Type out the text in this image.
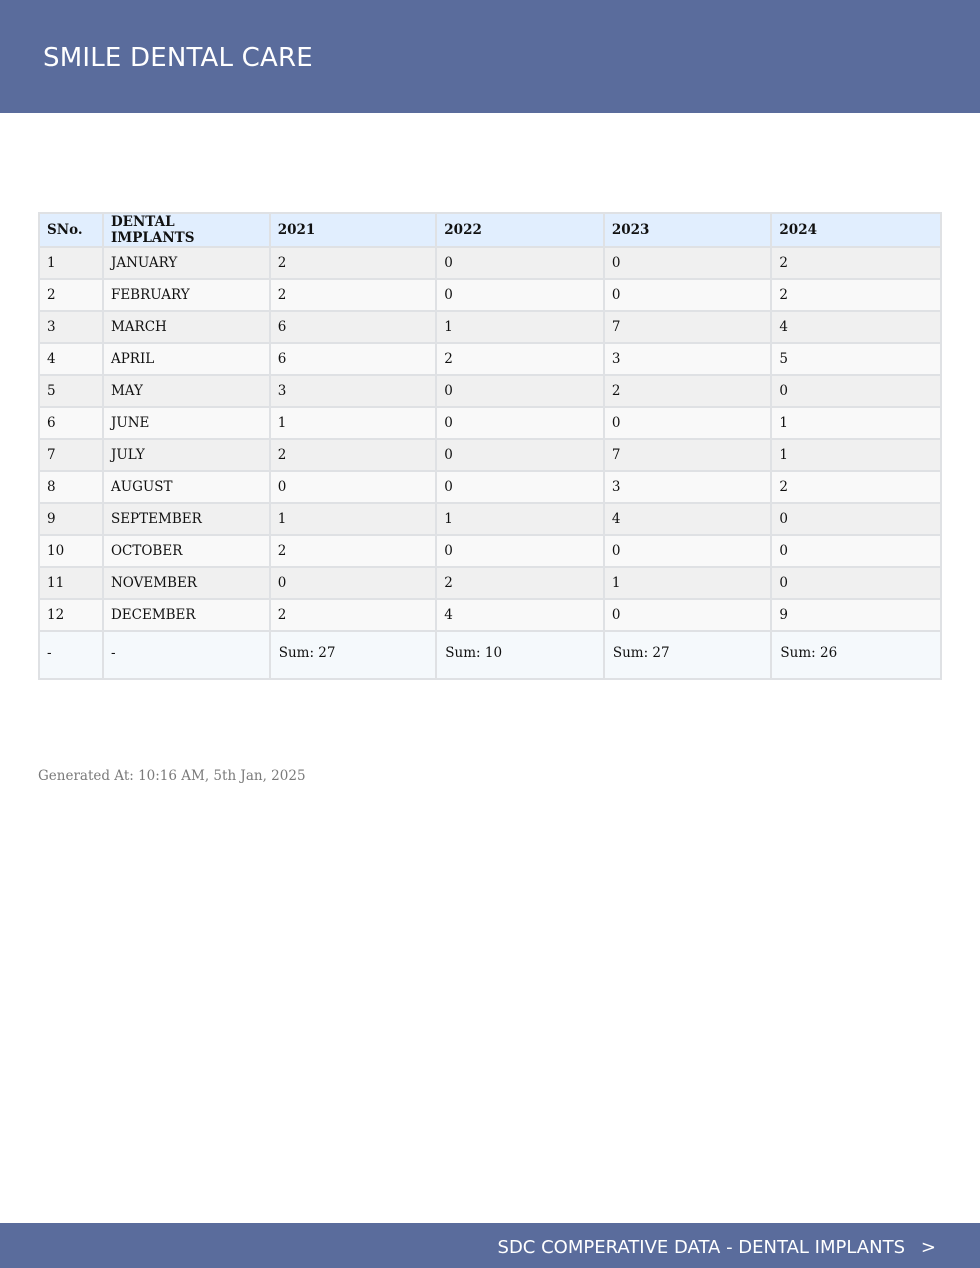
SMILE DENTAL CARE
SNo.	DENTAL IMPLANTS	2021	2022	2023	2024
1	JANUARY	2	0	0	2
2	FEBRUARY	2	0	0	2
3	MARCH	6	1	7	4
4	APRIL	6	2	3	5
5	MAY	3	0	2	0
6	JUNE	1	0	0	1
7	JULY	2	0	7	1
8	AUGUST	0	0	3	2
9	SEPTEMBER	1	1	4	0
10	OCTOBER	2	0	0	0
11	NOVEMBER	0	2	1	0
12	DECEMBER	2	4	0	9
-	-	Sum: 27	Sum: 10	Sum: 27	Sum: 26
Generated At: 10:16 AM, 5th Jan, 2025
SDC COMPERATIVE DATA - DENTAL IMPLANTS >
